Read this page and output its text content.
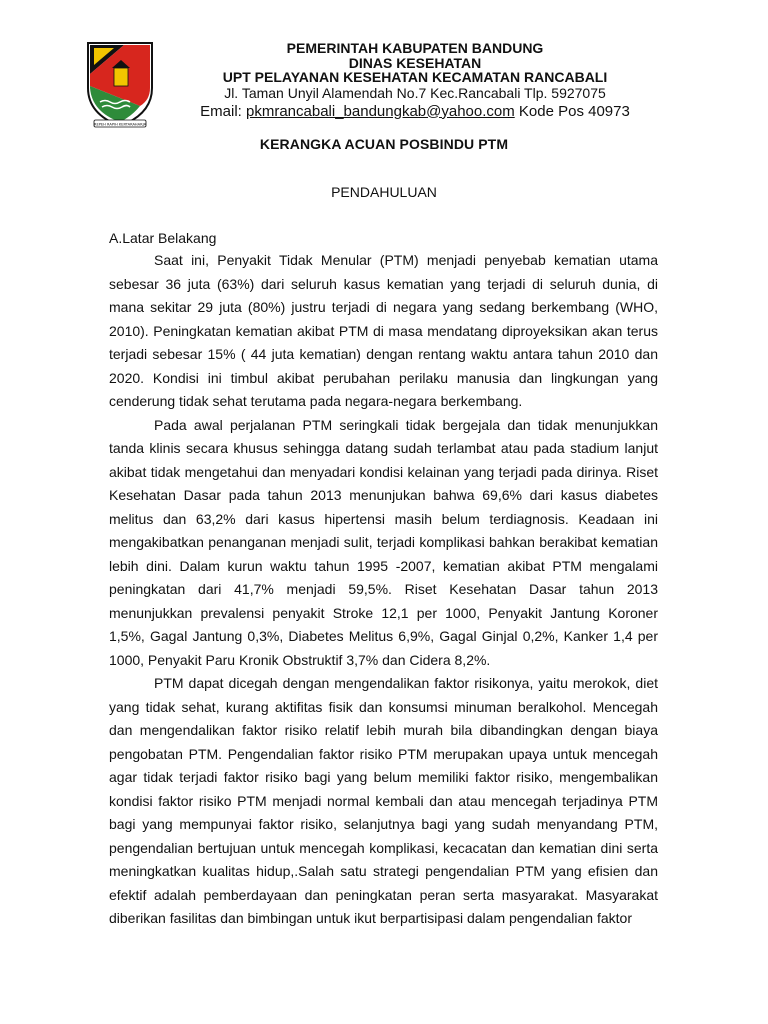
REPEH RAPIH KERTARAHARJA

PEMERINTAH KABUPATEN BANDUNG

DINAS KESEHATAN

UPT PELAYANAN KESEHATAN KECAMATAN RANCABALI

Jl. Taman Unyil Alamendah No.7 Kec.Rancabali Tlp. 5927075

Email: pkmrancabali_bandungkab@yahoo.com Kode Pos 40973

KERANGKA ACUAN POSBINDU PTM

PENDAHULUAN

A.Latar Belakang

Saat ini, Penyakit Tidak Menular (PTM) menjadi penyebab kematian utama sebesar 36 juta (63%) dari seluruh kasus kematian yang terjadi di seluruh dunia, di mana sekitar 29 juta (80%) justru terjadi di negara yang sedang berkembang (WHO, 2010). Peningkatan kematian akibat PTM di masa mendatang diproyeksikan akan terus terjadi sebesar 15% ( 44 juta kematian) dengan rentang waktu antara tahun 2010 dan 2020. Kondisi ini timbul akibat perubahan perilaku manusia dan lingkungan yang cenderung tidak sehat terutama pada negara-negara berkembang.

Pada awal perjalanan PTM seringkali tidak bergejala dan tidak menunjukkan tanda klinis secara khusus sehingga datang sudah terlambat atau pada stadium lanjut akibat tidak mengetahui dan menyadari kondisi kelainan yang terjadi pada dirinya. Riset Kesehatan Dasar pada tahun 2013 menunjukan bahwa 69,6% dari kasus diabetes melitus dan 63,2% dari kasus hipertensi masih belum terdiagnosis. Keadaan ini mengakibatkan penanganan menjadi sulit, terjadi komplikasi bahkan berakibat kematian lebih dini. Dalam kurun waktu tahun 1995 -2007, kematian akibat PTM mengalami peningkatan dari 41,7% menjadi 59,5%. Riset Kesehatan Dasar tahun 2013 menunjukkan prevalensi penyakit Stroke 12,1 per 1000, Penyakit Jantung Koroner 1,5%, Gagal Jantung 0,3%, Diabetes Melitus 6,9%, Gagal Ginjal 0,2%, Kanker 1,4 per 1000, Penyakit Paru Kronik Obstruktif 3,7% dan Cidera 8,2%.

PTM dapat dicegah dengan mengendalikan faktor risikonya, yaitu merokok, diet yang tidak sehat, kurang aktifitas fisik dan konsumsi minuman beralkohol. Mencegah dan mengendalikan faktor risiko relatif lebih murah bila dibandingkan dengan biaya pengobatan PTM. Pengendalian faktor risiko PTM merupakan upaya untuk mencegah agar tidak terjadi faktor risiko bagi yang belum memiliki faktor risiko, mengembalikan kondisi faktor risiko PTM menjadi normal kembali dan atau mencegah terjadinya PTM bagi yang mempunyai faktor risiko, selanjutnya bagi yang sudah menyandang PTM, pengendalian bertujuan untuk mencegah komplikasi, kecacatan dan kematian dini serta meningkatkan kualitas hidup,.Salah satu strategi pengendalian PTM yang efisien dan efektif adalah pemberdayaan dan peningkatan peran serta masyarakat. Masyarakat diberikan fasilitas dan bimbingan untuk ikut berpartisipasi dalam pengendalian faktor
